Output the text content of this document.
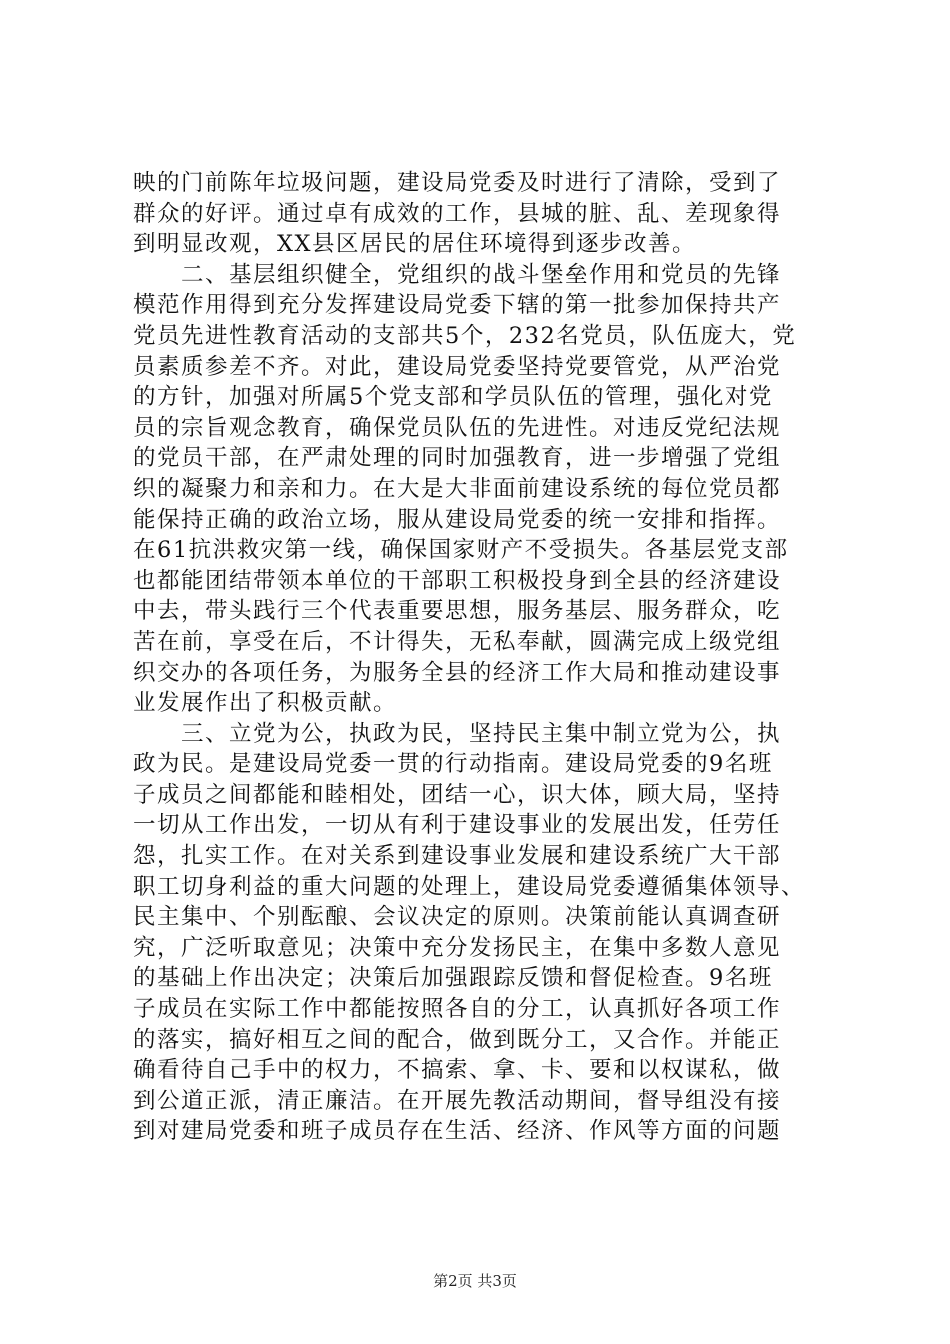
映的门前陈年垃圾问题，建设局党委及时进行了清除，受到了
群众的好评。通过卓有成效的工作，县城的脏、乱、差现象得
到明显改观，XX县区居民的居住环境得到逐步改善。
　　二、基层组织健全，党组织的战斗堡垒作用和党员的先锋
模范作用得到充分发挥建设局党委下辖的第一批参加保持共产
党员先进性教育活动的支部共5个，232名党员，队伍庞大，党
员素质参差不齐。对此，建设局党委坚持党要管党，从严治党
的方针，加强对所属5个党支部和学员队伍的管理，强化对党
员的宗旨观念教育，确保党员队伍的先进性。对违反党纪法规
的党员干部，在严肃处理的同时加强教育，进一步增强了党组
织的凝聚力和亲和力。在大是大非面前建设系统的每位党员都
能保持正确的政治立场，服从建设局党委的统一安排和指挥。
在61抗洪救灾第一线，确保国家财产不受损失。各基层党支部
也都能团结带领本单位的干部职工积极投身到全县的经济建设
中去，带头践行三个代表重要思想，服务基层、服务群众，吃
苦在前，享受在后，不计得失，无私奉献，圆满完成上级党组
织交办的各项任务，为服务全县的经济工作大局和推动建设事
业发展作出了积极贡献。
　　三、立党为公，执政为民，坚持民主集中制立党为公，执
政为民。是建设局党委一贯的行动指南。建设局党委的9名班
子成员之间都能和睦相处，团结一心，识大体，顾大局，坚持
一切从工作出发，一切从有利于建设事业的发展出发，任劳任
怨，扎实工作。在对关系到建设事业发展和建设系统广大干部
职工切身利益的重大问题的处理上，建设局党委遵循集体领导、
民主集中、个别酝酿、会议决定的原则。决策前能认真调查研
究，广泛听取意见；决策中充分发扬民主，在集中多数人意见
的基础上作出决定；决策后加强跟踪反馈和督促检查。9名班
子成员在实际工作中都能按照各自的分工，认真抓好各项工作
的落实，搞好相互之间的配合，做到既分工，又合作。并能正
确看待自己手中的权力，不搞索、拿、卡、要和以权谋私，做
到公道正派，清正廉洁。在开展先教活动期间，督导组没有接
到对建局党委和班子成员存在生活、经济、作风等方面的问题
第2页 共3页
